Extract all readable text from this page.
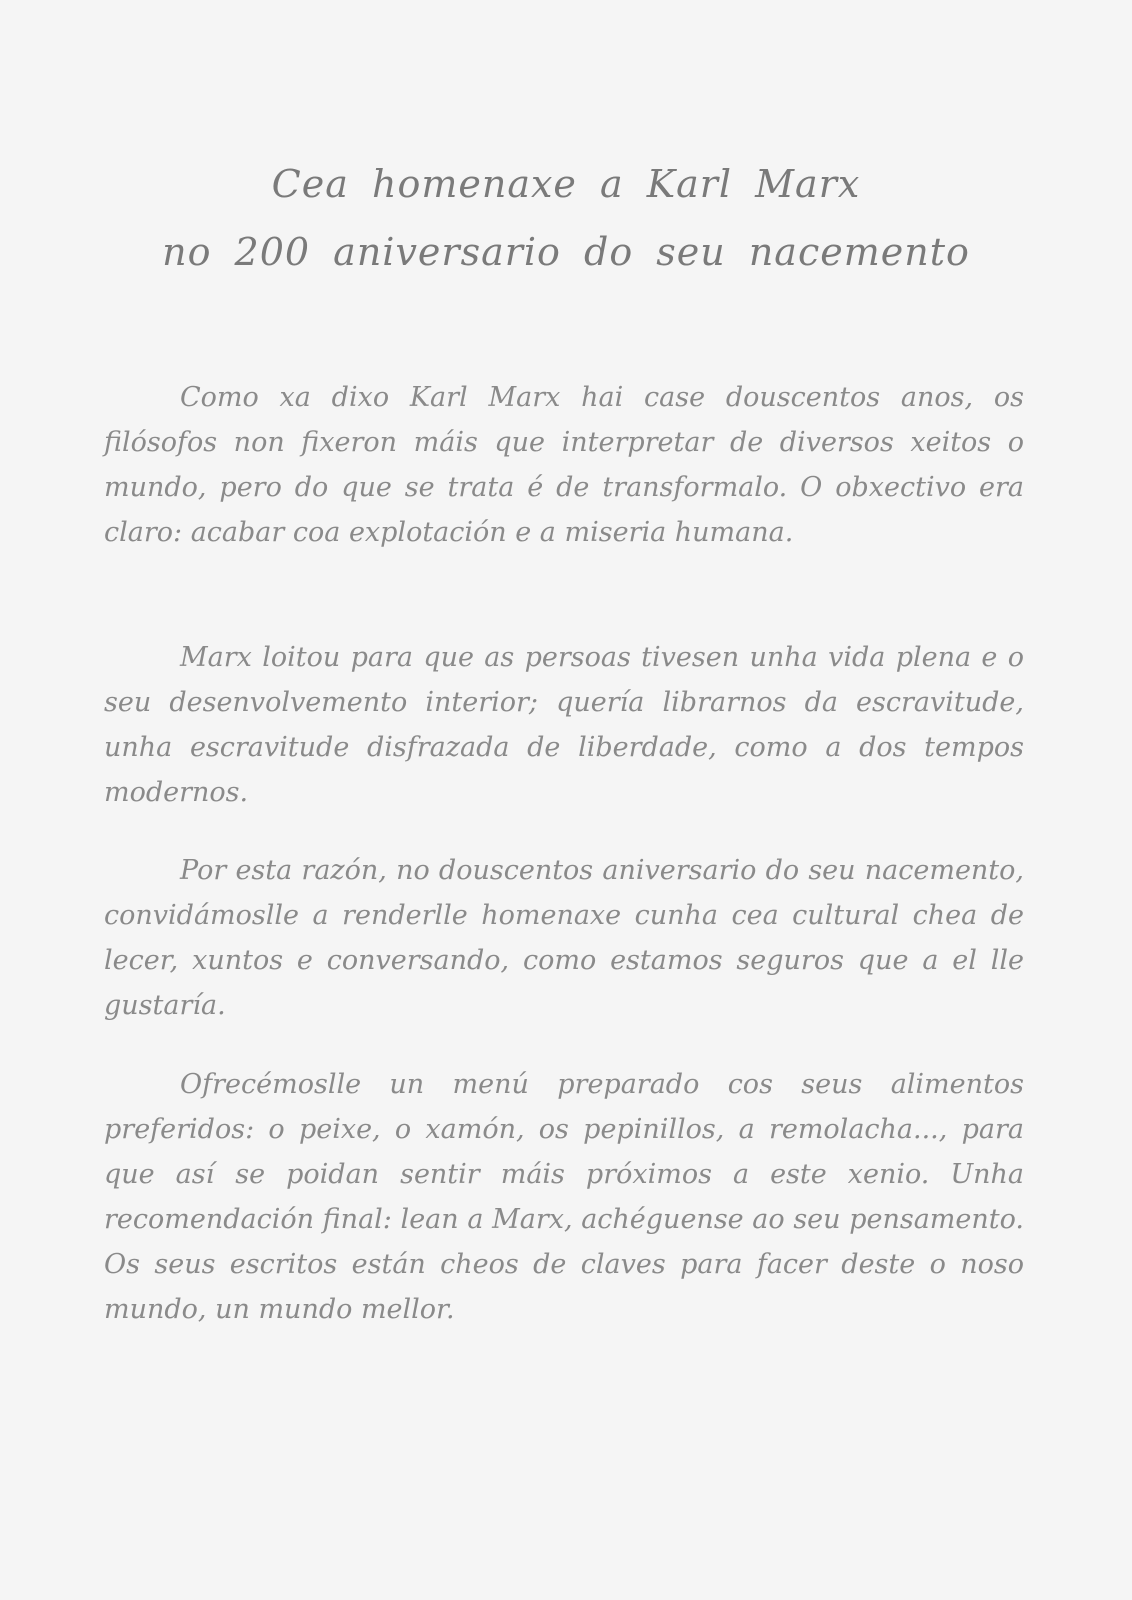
Cea homenaxe a Karl Marx
no 200 aniversario do seu nacemento

Como xa dixo Karl Marx hai case douscentos anos, os filósofos non fixeron máis que interpretar de diversos xeitos o mundo, pero do que se trata é de transformalo. O obxectivo era claro: acabar coa explotación e a miseria humana.

Marx loitou para que as persoas tivesen unha vida plena e o seu desenvolvemento interior; quería librarnos da escravitude, unha escravitude disfrazada de liberdade, como a dos tempos modernos.

Por esta razón, no douscentos aniversario do seu nacemento, convidámoslle a renderlle homenaxe cunha cea cultural chea de lecer, xuntos e conversando, como estamos seguros que a el lle gustaría.

Ofrecémoslle un menú preparado cos seus alimentos preferidos: o peixe, o xamón, os pepinillos, a remolacha..., para que así se poidan sentir máis próximos a este xenio. Unha recomendación final: lean a Marx, achéguense ao seu pensamento. Os seus escritos están cheos de claves para facer deste o noso mundo, un mundo mellor.
